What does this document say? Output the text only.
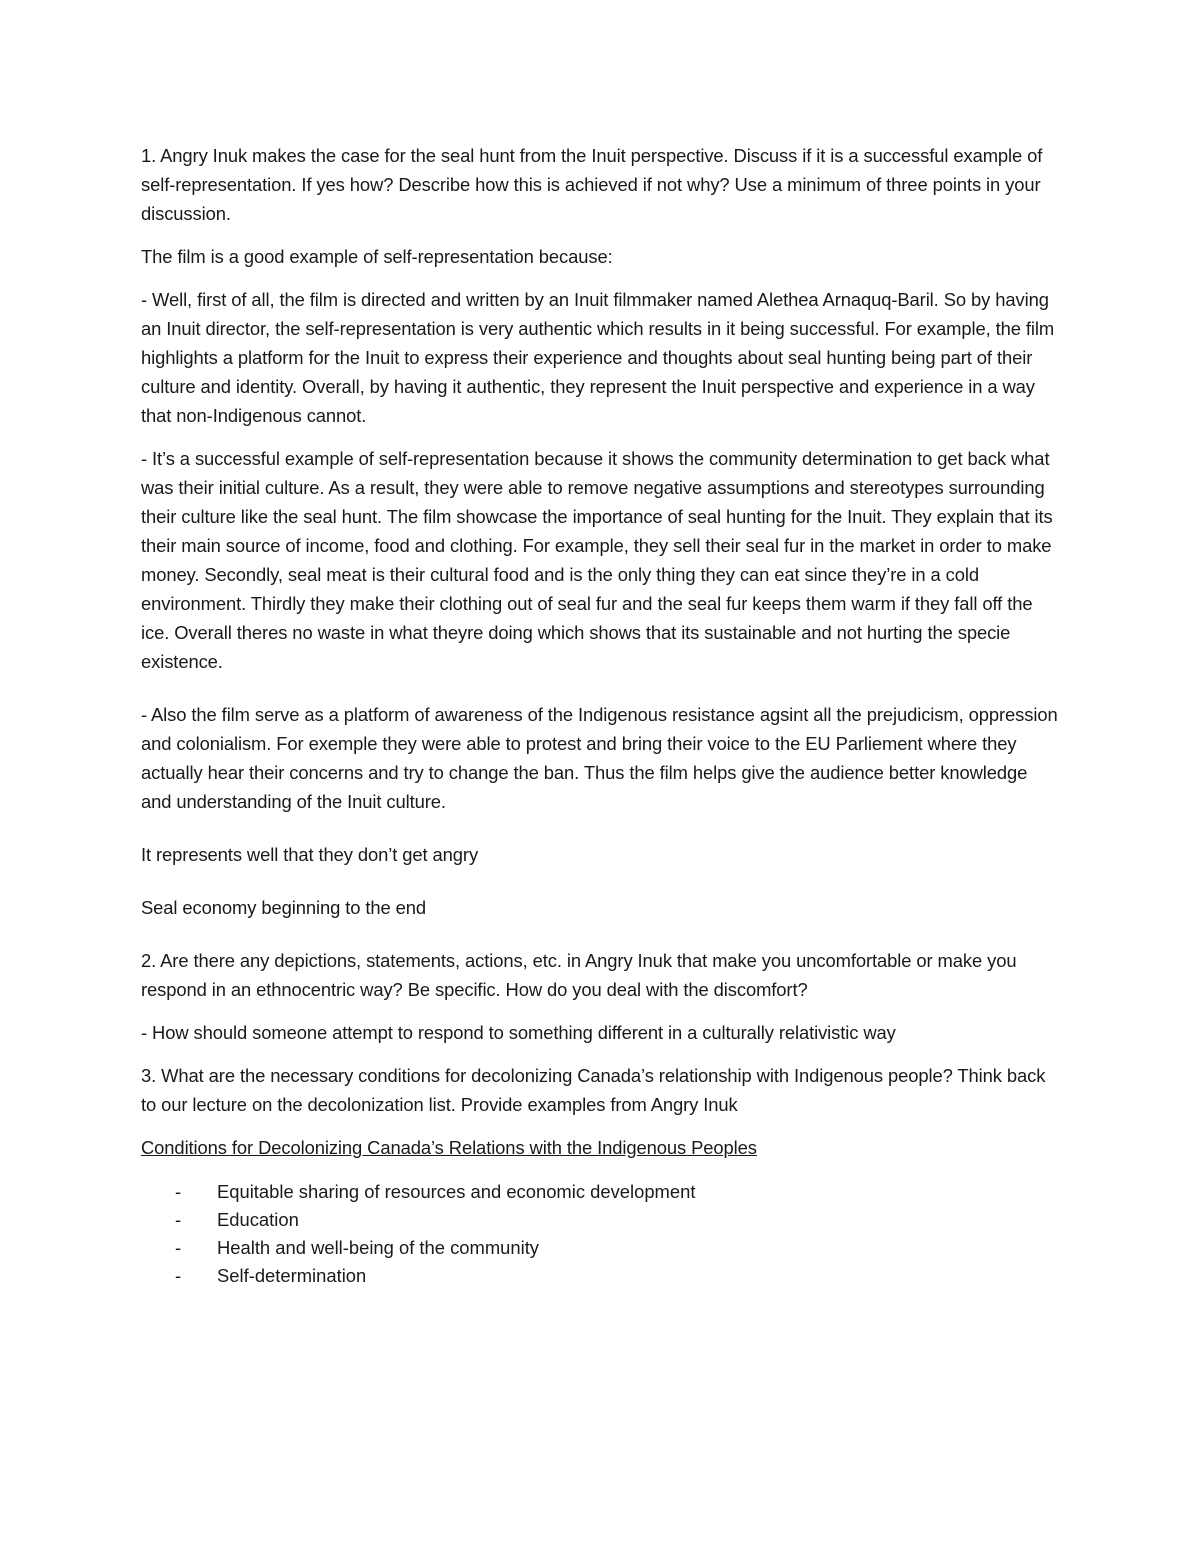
1. Angry Inuk makes the case for the seal hunt from the Inuit perspective. Discuss if it is a successful example of self-representation. If yes how? Describe how this is achieved if not why? Use a minimum of three points in your discussion.

The film is a good example of self-representation because:

- Well, first of all, the film is directed and written by an Inuit filmmaker named Alethea Arnaquq-Baril. So by having an Inuit director, the self-representation is very authentic which results in it being successful. For example, the film highlights a platform for the Inuit to express their experience and thoughts about seal hunting being part of their culture and identity. Overall, by having it authentic, they represent the Inuit perspective and experience in a way that non-Indigenous cannot.

- It’s a successful example of self-representation because it shows the community determination to get back what was their initial culture. As a result, they were able to remove negative assumptions and stereotypes surrounding their culture like the seal hunt. The film showcase the importance of seal hunting for the Inuit. They explain that its their main source of income, food and clothing. For example, they sell their seal fur in the market in order to make money. Secondly, seal meat is their cultural food and is the only thing they can eat since they’re in a cold environment. Thirdly they make their clothing out of seal fur and the seal fur keeps them warm if they fall off the ice. Overall theres no waste in what theyre doing which shows that its sustainable and not hurting the specie existence.

- Also the film serve as a platform of awareness of the Indigenous resistance agsint all the prejudicism, oppression and colonialism. For exemple they were able to protest and bring their voice to the EU Parliement where they actually hear their concerns and try to change the ban. Thus the film helps give the audience better knowledge and understanding of the Inuit culture.

It represents well that they don’t get angry

Seal economy beginning to the end

2. Are there any depictions, statements, actions, etc. in Angry Inuk that make you uncomfortable or make you respond in an ethnocentric way? Be specific. How do you deal with the discomfort?

- How should someone attempt to respond to something different in a culturally relativistic way

3. What are the necessary conditions for decolonizing Canada’s relationship with Indigenous people? Think back to our lecture on the decolonization list. Provide examples from Angry Inuk

Conditions for Decolonizing Canada’s Relations with the Indigenous Peoples

-	Equitable sharing of resources and economic development
-	Education
-	Health and well-being of the community
-	Self-determination
